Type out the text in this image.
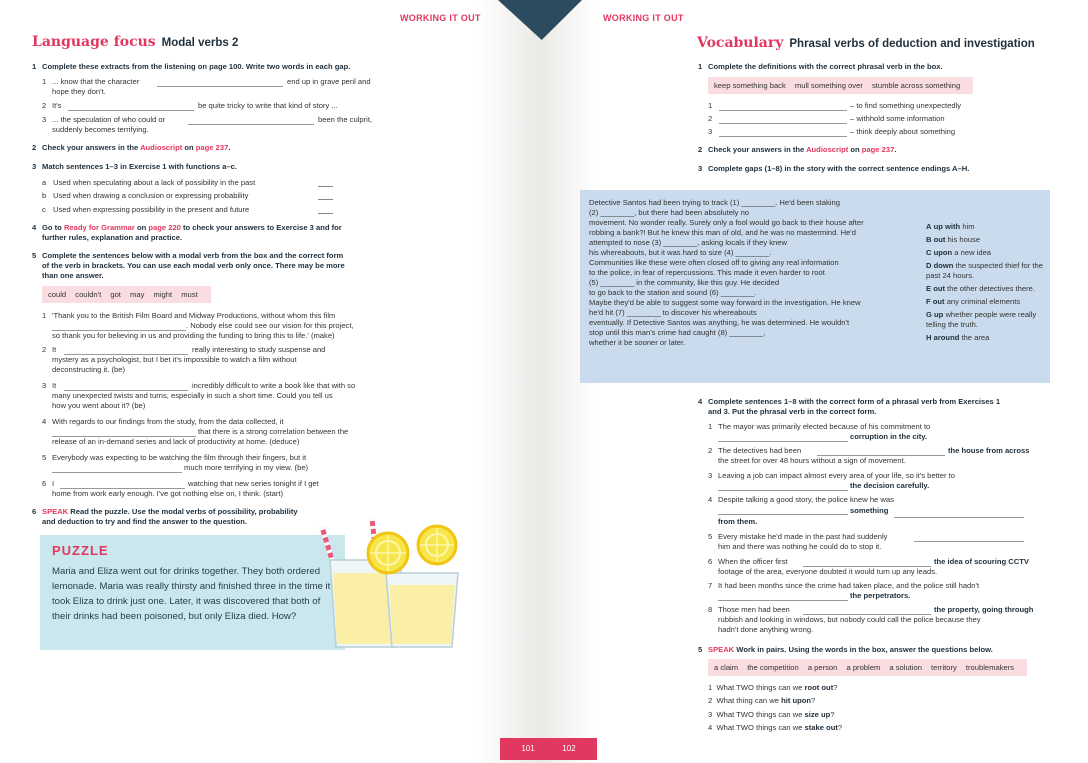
WORKING IT OUT
Language focus Modal verbs 2
1 Complete these extracts from the listening on page 100. Write two words in each gap.
1 ... know that the character	end up in grave peril and
hope they don't.
2 It's	be quite tricky to write that kind of story ...
3 ... the speculation of who could or	been the culprit,
suddenly becomes terrifying.
2 Check your answers in the Audioscript on page 237.
3 Match sentences 1–3 in Exercise 1 with functions a–c.
a Used when speculating about a lack of possibility in the past
b Used when drawing a conclusion or expressing probability
c Used when expressing possibility in the present and future
4 Go to Ready for Grammar on page 220 to check your answers to Exercise 3 and for
further rules, explanation and practice.
5 Complete the sentences below with a modal verb from the box and the correct form
of the verb in brackets. You can use each modal verb only once. There may be more
than one answer.
could couldn't got may might must
1 'Thank you to the British Film Board and Midway Productions, without whom this film
. Nobody else could see our vision for this project,
so thank you for believing in us and providing the funding to bring this to life.' (make)
2 It	really interesting to study suspense and
mystery as a psychologist, but I bet it's impossible to watch a film without
deconstructing it. (be)
3 It	incredibly difficult to write a book like that with so
many unexpected twists and turns, especially in such a short time. Could you tell us
how you went about it? (be)
4 With regards to our findings from the study, from the data collected, it
that there is a strong correlation between the
release of an in-demand series and lack of productivity at home. (deduce)
5 Everybody was expecting to be watching the film through their fingers, but it
much more terrifying in my view. (be)
6 I	watching that new series tonight if I get
home from work early enough. I've got nothing else on, I think. (start)
6 SPEAK Read the puzzle. Use the modal verbs of possibility, probability
and deduction to try and find the answer to the question.
PUZZLE

Maria and Eliza went out for drinks together. They both ordered lemonade. Maria was really thirsty and finished three in the time it took Eliza to drink just one. Later, it was discovered that both of their drinks had been poisoned, but only Eliza died. How?

101
WORKING IT OUT
Vocabulary Phrasal verbs of deduction and investigation
1 Complete the definitions with the correct phrasal verb in the box.
keep something back mull something over stumble across something
1	– to find something unexpectedly
2	– withhold some information
3	– think deeply about something
2 Check your answers in the Audioscript on page 237.
3 Complete gaps (1–8) in the story with the correct sentence endings A–H.
102
Detective Santos had been trying to track (1) ________. He'd been staking
(2) ________, but there had been absolutely no
movement. No wonder really. Surely only a fool would go back to their house after
robbing a bank?! But he knew this man of old, and he was no mastermind. He'd
attempted to nose (3) ________, asking locals if they knew
his whereabouts, but it was hard to size (4) ________.
Communities like these were often closed off to giving any real information
to the police, in fear of repercussions. This made it even harder to root
(5) ________ in the community, like this guy. He decided
to go back to the station and sound (6) ________.
Maybe they'd be able to suggest some way forward in the investigation. He knew
he'd hit (7) ________ to discover his whereabouts
eventually. If Detective Santos was anything, he was determined. He wouldn't
stop until this man's crime had caught (8) ________,
whether it be sooner or later.
A up with him
B out his house
C upon a new idea
D down the suspected thief for the past 24 hours.
E out the other detectives there.
F out any criminal elements
G up whether people were really telling the truth.
H around the area
4 Complete sentences 1–8 with the correct form of a phrasal verb from Exercises 1
and 3. Put the phrasal verb in the correct form.
1 The mayor was primarily elected because of his commitment to
corruption in the city.
2 The detectives had been	the house from across
the street for over 48 hours without a sign of movement.
3 Leaving a job can impact almost every area of your life, so it's better to
the decision carefully.
4 Despite talking a good story, the police knew he was
something
from them.
5 Every mistake he'd made in the past had suddenly
him and there was nothing he could do to stop it.
6 When the officer first	the idea of scouring CCTV
footage of the area, everyone doubted it would turn up any leads.
7 It had been months since the crime had taken place, and the police still hadn't
the perpetrators.
8 Those men had been	the property, going through
rubbish and looking in windows, but nobody could call the police because they
hadn't done anything wrong.
5 SPEAK Work in pairs. Using the words in the box, answer the questions below.
a claim the competition a person a problem a solution territory troublemakers
1 What TWO things can we root out?
2 What thing can we hit upon?
3 What TWO things can we size up?
4 What TWO things can we stake out?
